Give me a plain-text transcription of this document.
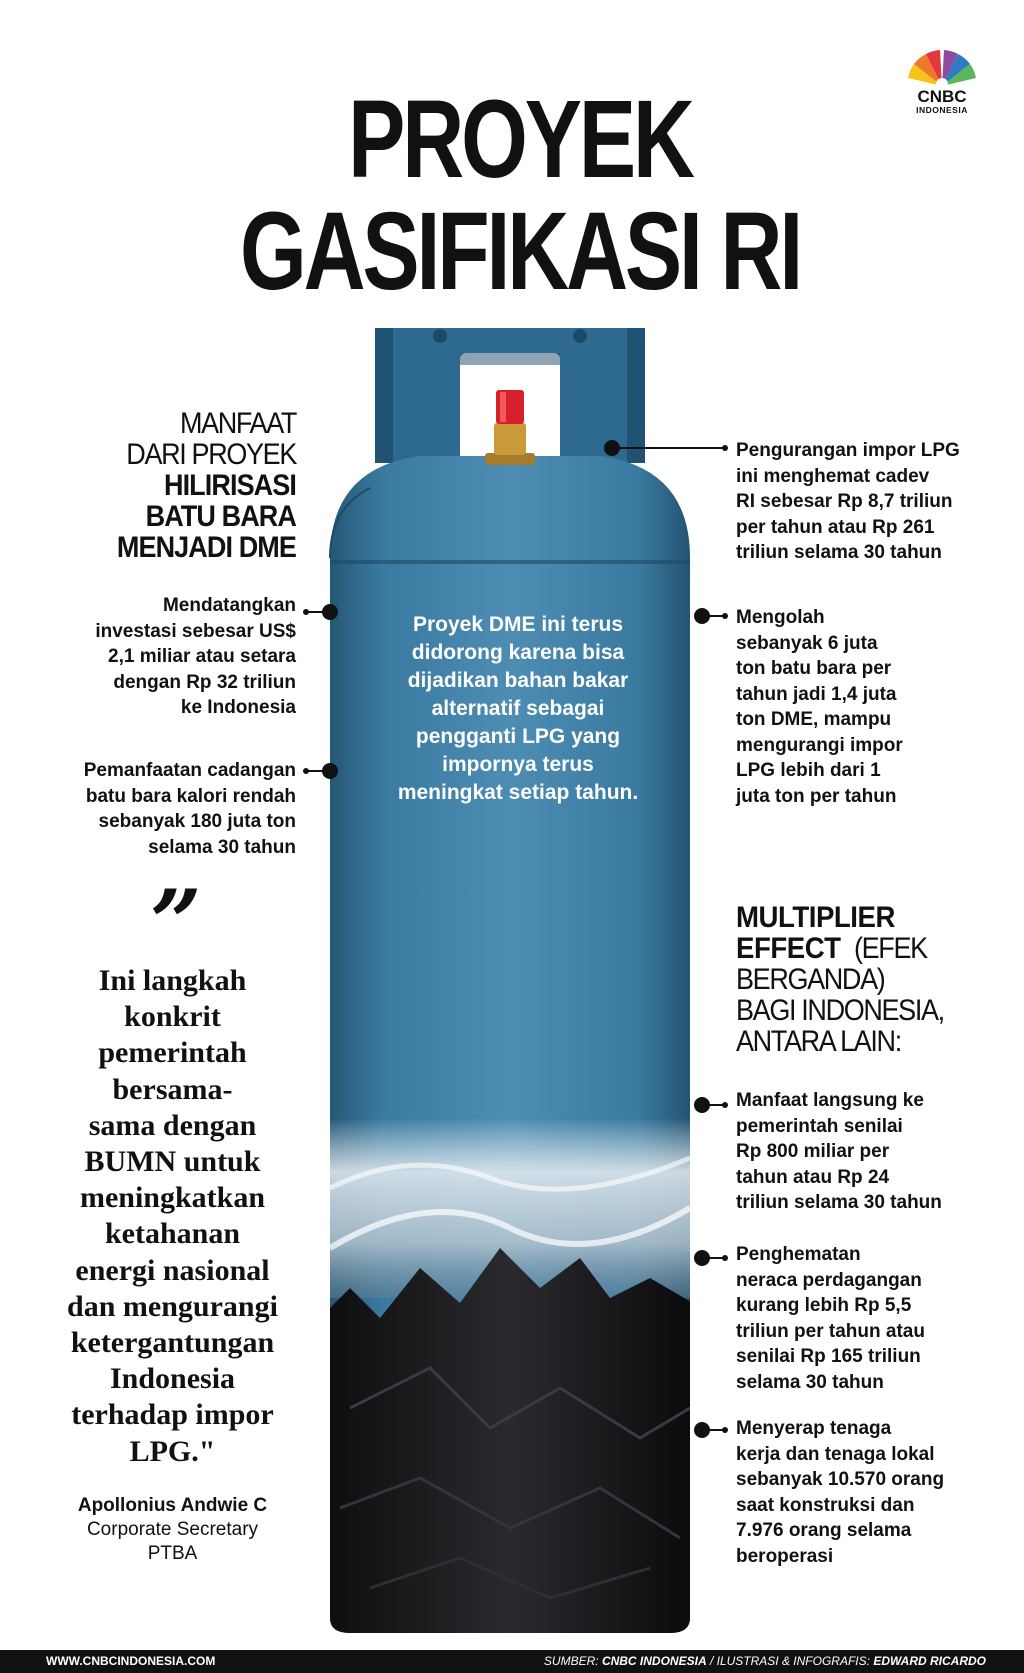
CNBC
INDONESIA
PROYEK
GASIFIKASI RI
MANFAAT
DARI PROYEK
HILIRISASI
BATU BARA
MENJADI DME
Mendatangkan
investasi sebesar US$
2,1 miliar atau setara
dengan Rp 32 triliun
ke Indonesia
Pemanfaatan cadangan
batu bara kalori rendah
sebanyak 180 juta ton
selama 30 tahun
Proyek DME ini terus
didorong karena bisa
dijadikan bahan bakar
alternatif sebagai
pengganti LPG yang
impornya terus
meningkat setiap tahun.
Pengurangan impor LPG
ini menghemat cadev
RI sebesar Rp 8,7 triliun
per tahun atau Rp 261
triliun selama 30 tahun
Mengolah
sebanyak 6 juta
ton batu bara per
tahun jadi 1,4 juta
ton DME, mampu
mengurangi impor
LPG lebih dari 1
juta ton per tahun
MULTIPLIER
EFFECT (EFEK
BERGANDA)
BAGI INDONESIA,
ANTARA LAIN:
Manfaat langsung ke
pemerintah senilai
Rp 800 miliar per
tahun atau Rp 24
triliun selama 30 tahun
Penghematan
neraca perdagangan
kurang lebih Rp 5,5
triliun per tahun atau
senilai Rp 165 triliun
selama 30 tahun
Menyerap tenaga
kerja dan tenaga lokal
sebanyak 10.570 orang
saat konstruksi dan
7.976 orang selama
beroperasi
”
Ini langkah
konkrit
pemerintah
bersama-
sama dengan
BUMN untuk
meningkatkan
ketahanan
energi nasional
dan mengurangi
ketergantungan
Indonesia
terhadap impor
LPG."
Apollonius Andwie C
Corporate Secretary
PTBA
WWW.CNBCINDONESIA.COM	SUMBER: CNBC INDONESIA / ILUSTRASI & INFOGRAFIS: EDWARD RICARDO
